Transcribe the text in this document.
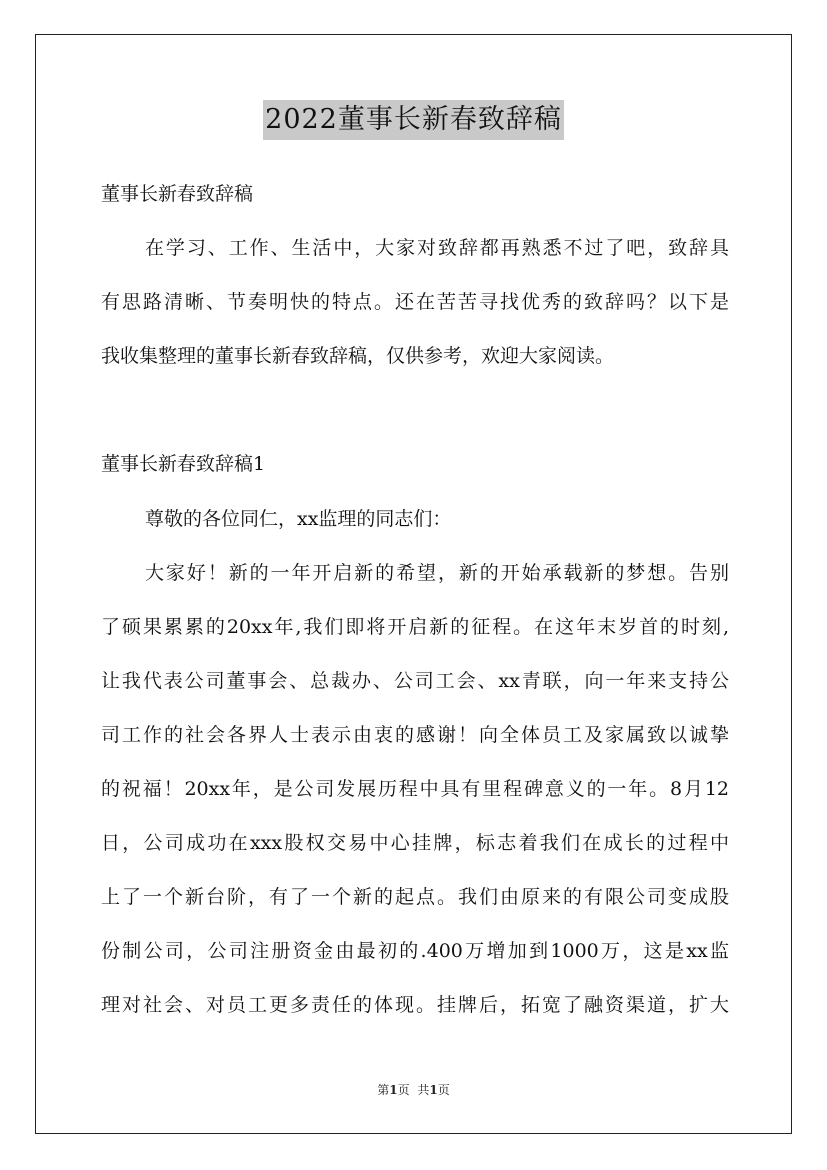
2022董事长新春致辞稿
董事长新春致辞稿
在学习、工作、生活中，大家对致辞都再熟悉不过了吧，致辞具
有思路清晰、节奏明快的特点。还在苦苦寻找优秀的致辞吗？以下是
我收集整理的董事长新春致辞稿，仅供参考，欢迎大家阅读。
董事长新春致辞稿1
尊敬的各位同仁，xx监理的同志们：
大家好！新的一年开启新的希望，新的开始承载新的梦想。告别
了硕果累累的20xx年,我们即将开启新的征程。在这年末岁首的时刻,
让我代表公司董事会、总裁办、公司工会、xx青联，向一年来支持公
司工作的社会各界人士表示由衷的感谢！向全体员工及家属致以诚挚
的祝福！20xx年，是公司发展历程中具有里程碑意义的一年。8月12
日，公司成功在xxx股权交易中心挂牌，标志着我们在成长的过程中
上了一个新台阶，有了一个新的起点。我们由原来的有限公司变成股
份制公司，公司注册资金由最初的.400万增加到1000万，这是xx监
理对社会、对员工更多责任的体现。挂牌后，拓宽了融资渠道，扩大
第1页 共1页
